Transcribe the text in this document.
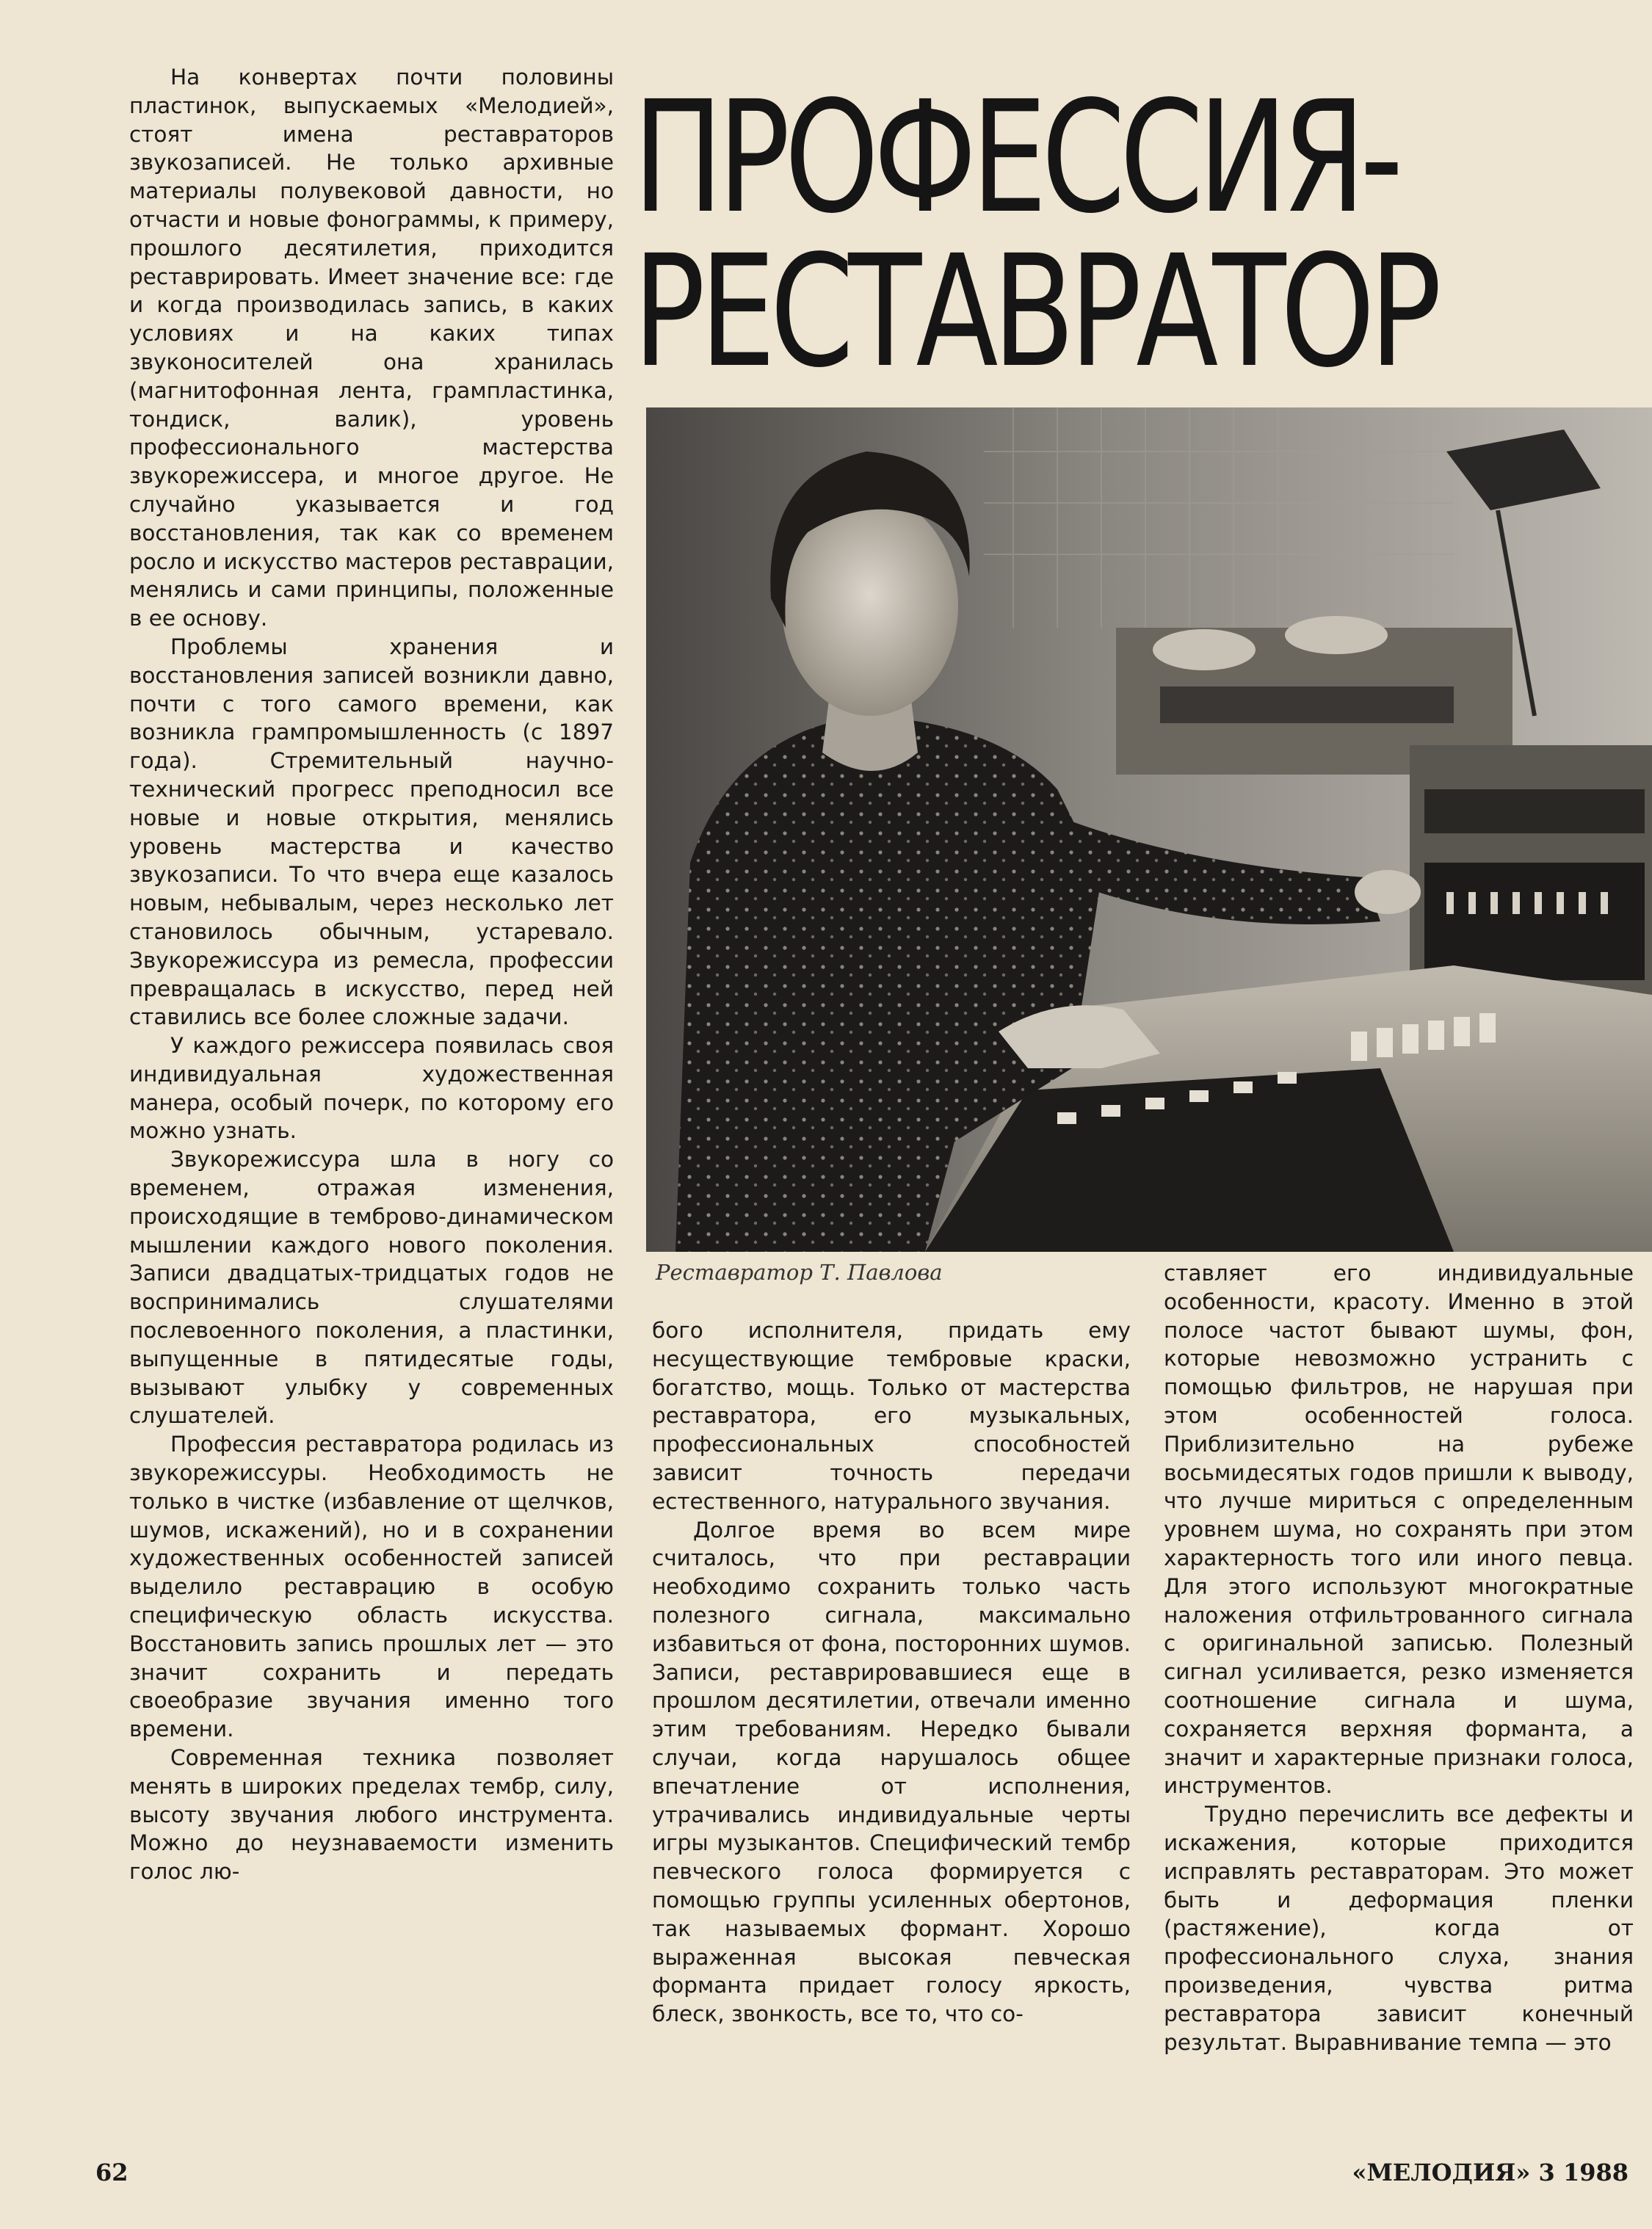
На конвертах почти половины пластинок, выпускаемых «Мелодией», стоят имена реставраторов звукозаписей. Не только архивные материалы полувековой давности, но отчасти и новые фонограммы, к примеру, прошлого десятилетия, приходится реставрировать. Имеет значение все: где и когда производилась запись, в каких условиях и на каких типах звуконосителей она хранилась (магнитофонная лента, грампластинка, тондиск, валик), уровень профессионального мастерства звукорежиссера, и многое другое. Не случайно указывается и год восстановления, так как со временем росло и искусство мастеров реставрации, менялись и сами принципы, положенные в ее основу.

Проблемы хранения и восстановления записей возникли давно, почти с того самого времени, как возникла грампромышленность (с 1897 года). Стремительный научно-технический прогресс преподносил все новые и новые открытия, менялись уровень мастерства и качество звукозаписи. То что вчера еще казалось новым, небывалым, через несколько лет становилось обычным, устаревало. Звукорежиссура из ремесла, профессии превращалась в искусство, перед ней ставились все более сложные задачи.

У каждого режиссера появилась своя индивидуальная художественная манера, особый почерк, по которому его можно узнать.

Звукорежиссура шла в ногу со временем, отражая изменения, происходящие в темброво-динамическом мышлении каждого нового поколения. Записи двадцатых-тридцатых годов не воспринимались слушателями послевоенного поколения, а пластинки, выпущенные в пятидесятые годы, вызывают улыбку у современных слушателей.

Профессия реставратора родилась из звукорежиссуры. Необходимость не только в чистке (избавление от щелчков, шумов, искажений), но и в сохранении художественных особенностей записей выделило реставрацию в особую специфическую область искусства. Восстановить запись прошлых лет — это значит сохранить и передать своеобразие звучания именно того времени.

Современная техника позволяет менять в широких пределах тембр, силу, высоту звучания любого инструмента. Можно до неузнаваемости изменить голос лю-

ПРОФЕССИЯ-
РЕСТАВРАТОР
Реставратор Т. Павлова

бого исполнителя, придать ему несуществующие тембровые краски, богатство, мощь. Только от мастерства реставратора, его музыкальных, профессиональных способностей зависит точность передачи естественного, натурального звучания.

Долгое время во всем мире считалось, что при реставрации необходимо сохранить только часть полезного сигнала, максимально избавиться от фона, посторонних шумов. Записи, реставрировавшиеся еще в прошлом десятилетии, отвечали именно этим требованиям. Нередко бывали случаи, когда нарушалось общее впечатление от исполнения, утрачивались индивидуальные черты игры музыкантов. Специфический тембр певческого голоса формируется с помощью группы усиленных обертонов, так называемых формант. Хорошо выраженная высокая певческая форманта придает голосу яркость, блеск, звонкость, все то, что со-

ставляет его индивидуальные особенности, красоту. Именно в этой полосе частот бывают шумы, фон, которые невозможно устранить с помощью фильтров, не нарушая при этом особенностей голоса. Приблизительно на рубеже восьмидесятых годов пришли к выводу, что лучше мириться с определенным уровнем шума, но сохранять при этом характерность того или иного певца. Для этого используют многократные наложения отфильтрованного сигнала с оригинальной записью. Полезный сигнал усиливается, резко изменяется соотношение сигнала и шума, сохраняется верхняя форманта, а значит и характерные признаки голоса, инструментов.

Трудно перечислить все дефекты и искажения, которые приходится исправлять реставраторам. Это может быть и деформация пленки (растяжение), когда от профессионального слуха, знания произведения, чувства ритма реставратора зависит конечный результат. Выравнивание темпа — это

62	«МЕЛОДИЯ» 3 1988
